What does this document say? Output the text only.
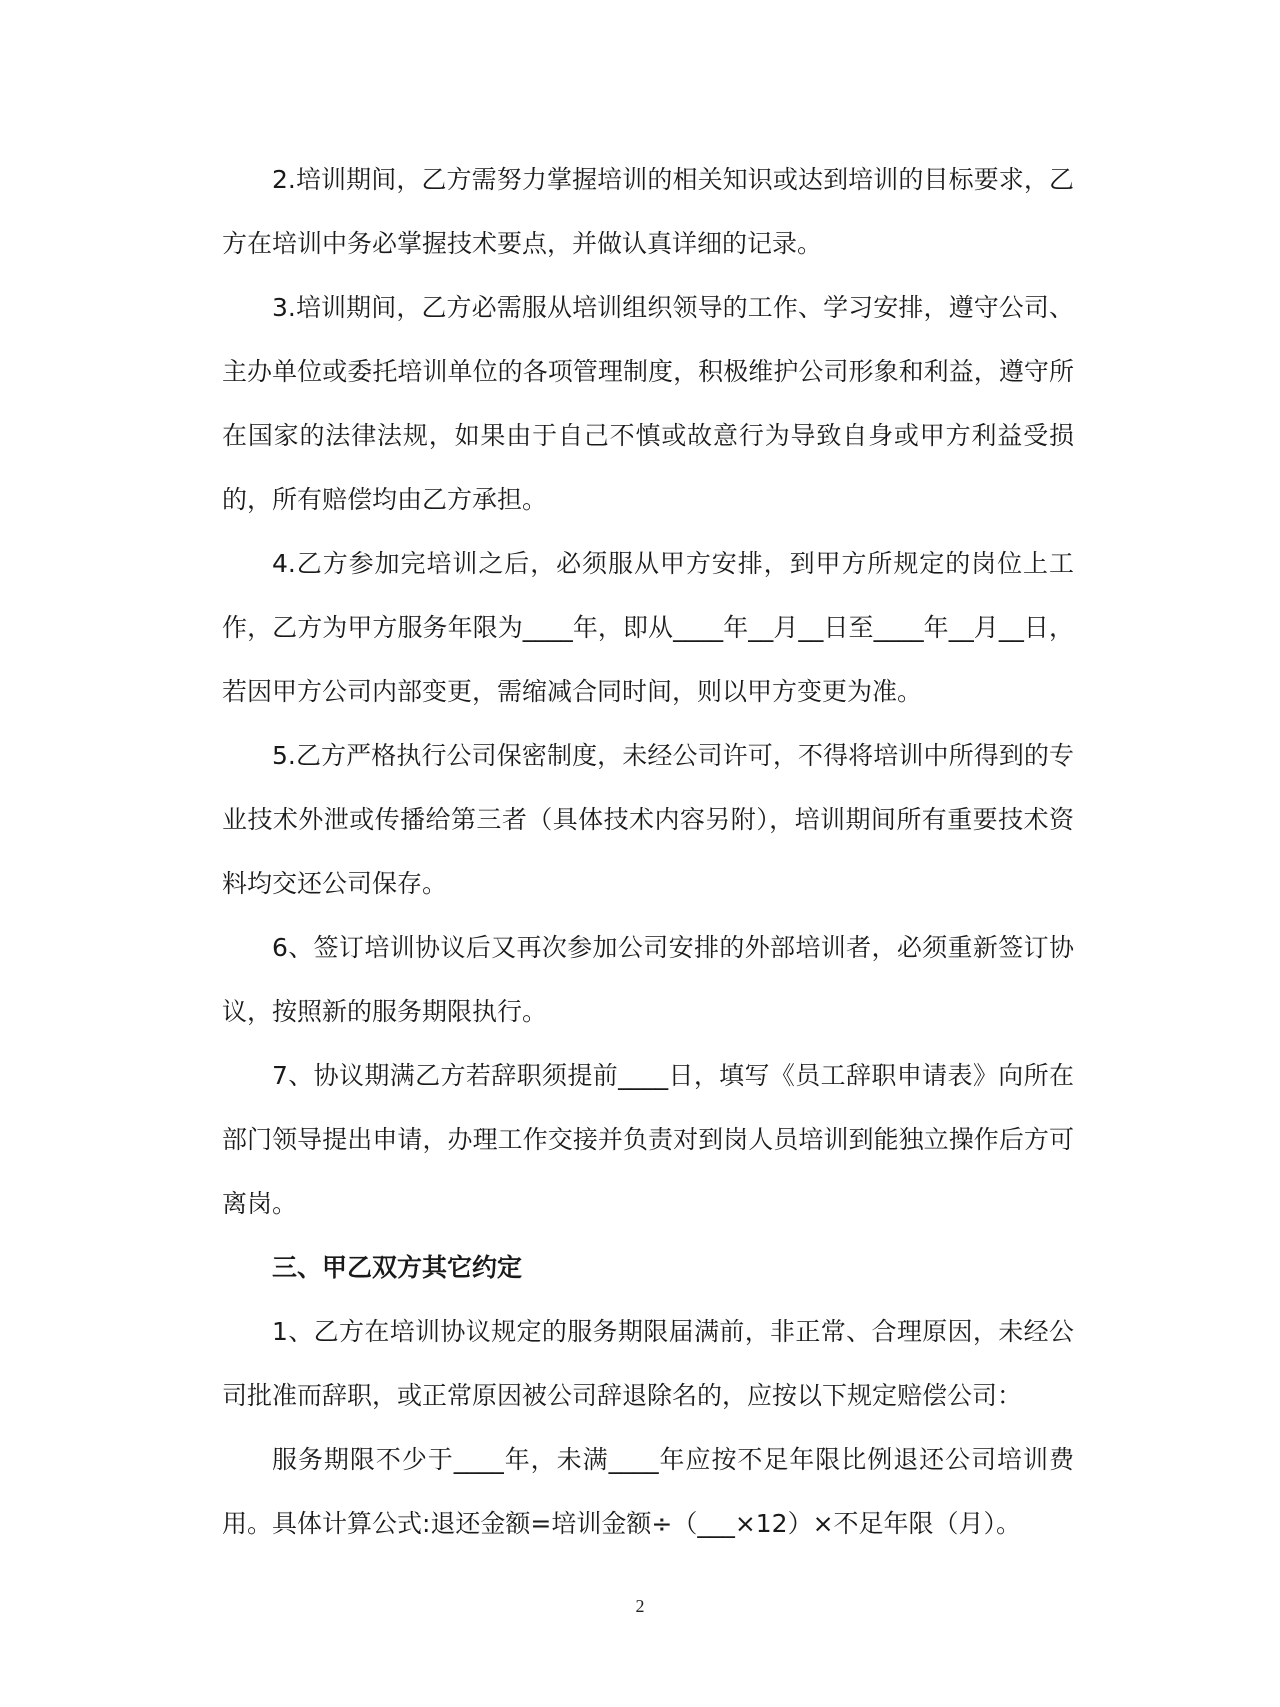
2.培训期间，乙方需努力掌握培训的相关知识或达到培训的目标要求，乙方在培训中务必掌握技术要点，并做认真详细的记录。

3.培训期间，乙方必需服从培训组织领导的工作、学习安排，遵守公司、主办单位或委托培训单位的各项管理制度，积极维护公司形象和利益，遵守所在国家的法律法规，如果由于自己不慎或故意行为导致自身或甲方利益受损的，所有赔偿均由乙方承担。

4.乙方参加完培训之后，必须服从甲方安排，到甲方所规定的岗位上工作，乙方为甲方服务年限为____年，即从____年__月__日至____年__月__日，若因甲方公司内部变更，需缩减合同时间，则以甲方变更为准。

5.乙方严格执行公司保密制度，未经公司许可，不得将培训中所得到的专业技术外泄或传播给第三者（具体技术内容另附），培训期间所有重要技术资料均交还公司保存。

6、签订培训协议后又再次参加公司安排的外部培训者，必须重新签订协议，按照新的服务期限执行。

7、协议期满乙方若辞职须提前____日，填写《员工辞职申请表》向所在部门领导提出申请，办理工作交接并负责对到岗人员培训到能独立操作后方可离岗。

三、甲乙双方其它约定

1、乙方在培训协议规定的服务期限届满前，非正常、合理原因，未经公司批准而辞职，或正常原因被公司辞退除名的，应按以下规定赔偿公司：

服务期限不少于____年，未满____年应按不足年限比例退还公司培训费用。具体计算公式:退还金额=培训金额÷（___×12）×不足年限（月）。

2
